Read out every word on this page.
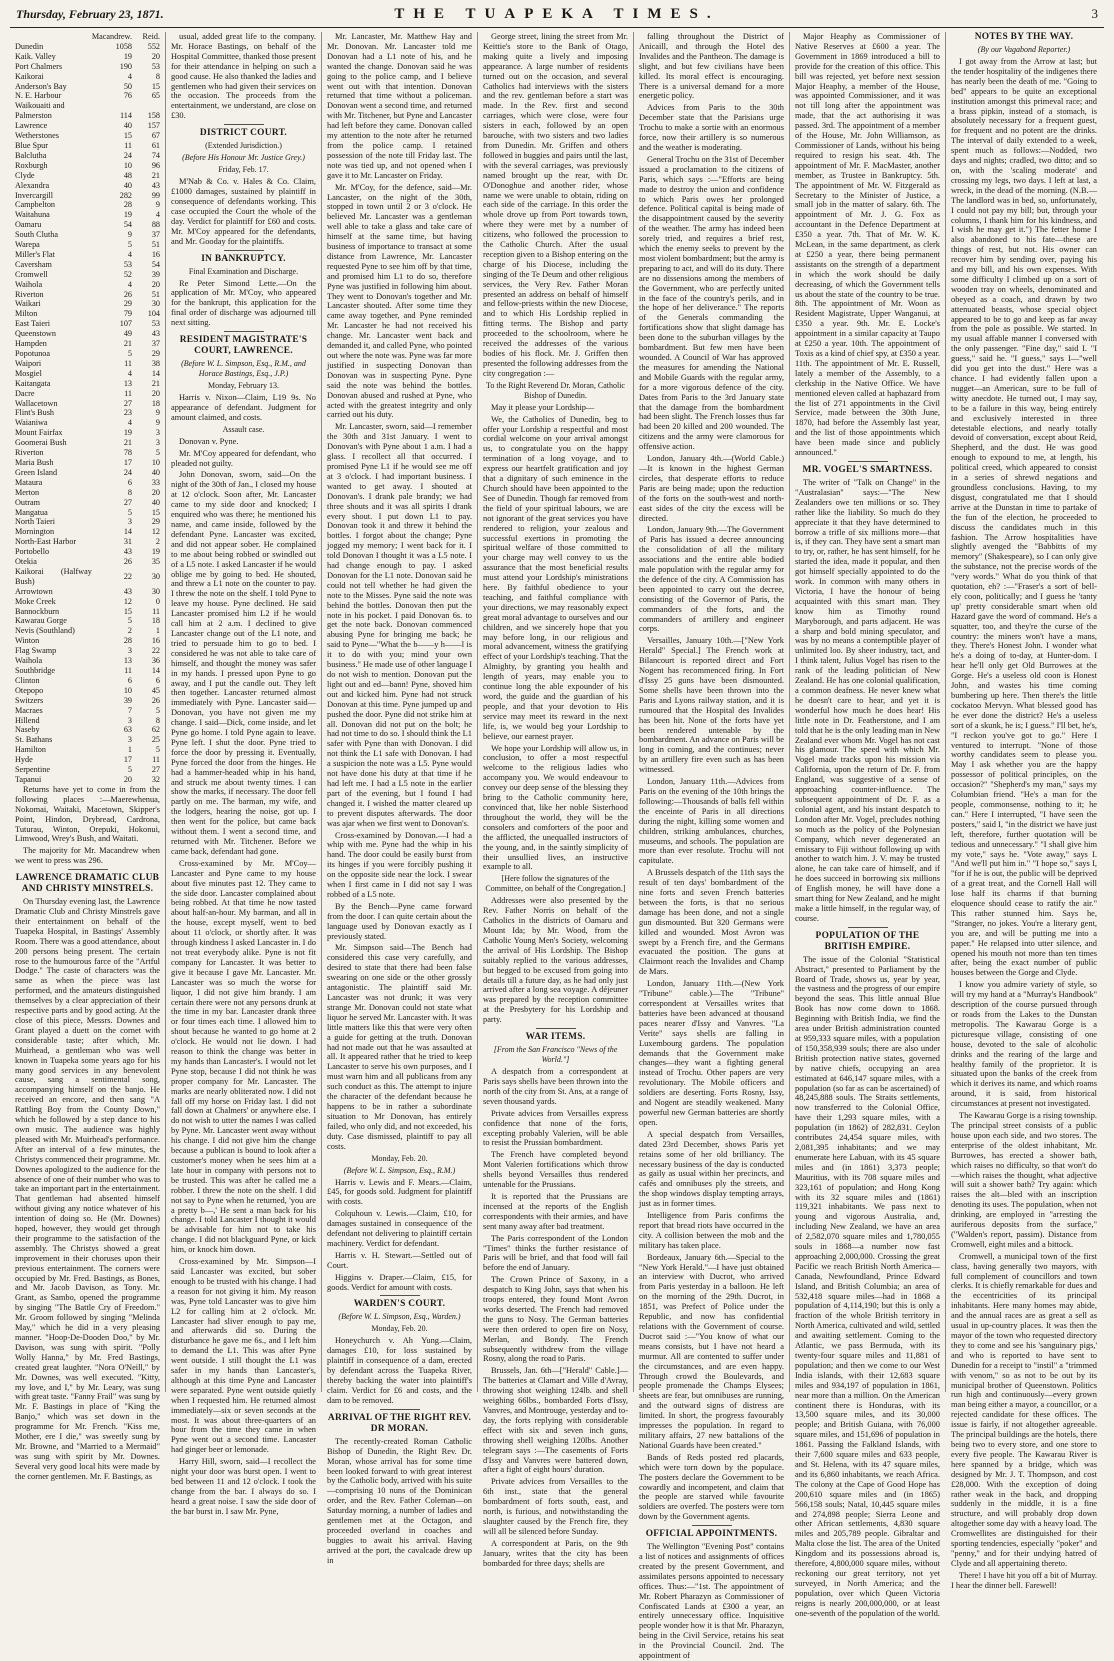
Thursday, February 23, 1871.	THE TUAPEKA TIMES.	3
	Macandrew.	Reid.
Dunedin	1058	552
Kaik. Valley	19	20
Port Chalmers	190	53
Kaikorai	4	8
Anderson's Bay	50	15
N. E. Harbour	76	65
Waikouaiti and		
Palmerston	114	158
Lawrence	40	157
Wetherstones	15	67
Blue Spur	11	61
Balclutha	24	74
Roxburgh	10	96
Clyde	48	21
Alexandra	40	43
Invercargill	282	99
Campbelton	28	9
Waitahuna	19	4
Oamaru	54	88
South Clutha	9	37
Warepa	5	51
Miller's Flat	4	16
Caversham	53	54
Cromwell	52	39
Waihola	4	20
Riverton	26	51
Waikari	29	30
Milton	79	104
East Taieri	107	53
Queenstown	49	43
Hampden	21	37
Popotunoa	5	29
Waipori	11	38
Mosgiel	4	14
Kaitangata	13	21
Dacre	11	20
Wallacetown	27	18
Flint's Bush	23	9
Waianiwa	4	9
Mount Fairfax	19	3
Goomerai Bush	21	3
Riverton	78	5
Maria Bush	17	10
Green Island	24	40
Mataura	6	33
Merton	8	20
Outram	27	40
Mangatua	5	15
North Taieri	3	29
Mornington	14	12
North-East Harbor	31	2
Portobello	43	19
Otekia	26	35
Kaikorai (Halfway Bush)	22	30
Arrowtown	43	30
Moke Creek	12	0
Bannockburn	15	11
Kawarau Gorge	5	18
Nevis (Southland)	2	1
Winton	28	16
Flag Swamp	3	22
Waihola	13	36
Southbridge	11	14
Clinton	6	6
Otepopo	10	45
Switzers	39	26
Macraes	7	5
Hillend	3	8
Naseby	63	62
St. Bathans	3	25
Hamilton	1	5
Hyde	17	11
Serpentine	5	27
Tapanui	20	32

Returns have yet to come in from the following places :—Maerewhenua, Nokomai, Waitaki, Macetown, Skipper's Point, Hindon, Drybread, Cardrona, Tuturau, Winton, Orepuki, Hokonui, Limwood, Wrey's Bush, and Waitati.

The majority for Mr. Macandrew when we went to press was 296.

LAWRENCE DRAMATIC CLUB AND CHRISTY MINSTRELS.

On Thursday evening last, the Lawrence Dramatic Club and Christy Minstrels gave their entertainment on behalf of the Tuapeka Hospital, in Bastings' Assembly Room. There was a good attendance, about 200 persons being present. The certain rose to the humourous farce of the "Artful Dodge." The caste of characters was the same as when the piece was last performed, and the amateurs distinguished themselves by a clear appreciation of their respective parts and by good acting. At the close of this piece, Messrs. Downes and Grant played a duett on the cornet with considerable taste; after which, Mr. Muirhead, a gentleman who was well known in Tuapeka some years ago for his many good services in any benevolent cause, sang a sentimental song, accompanying himself on the banjo. He received an encore, and then sang "A Rattling Boy from the County Down," which he followed by a step dance to his own music. The audience was highly pleased with Mr. Muirhead's performance. After an interval of a few minutes, the Christys commenced their programme. Mr. Downes apologized to the audience for the absence of one of their number who was to take an important part in the entertainment. That gentleman had absented himself without giving any notice whatever of his intention of doing so. He (Mr. Downes) hoped, however, they would get through their programme to the satisfaction of the assembly. The Christys showed a great improvement in their choruses upon their previous entertainment. The corners were occupied by Mr. Fred. Bastings, as Bones, and Mr. Jacob Davison, as Tony. Mr. Grant, as Sambo, opened the programme by singing "The Battle Cry of Freedom." Mr. Groom followed by singing "Melinda May," which he did in a very pleasing manner. "Hoop-De-Dooden Doo," by Mr. Davison, was sung with spirit. "Polly Wolly Hanna," by Mr. Fred Bastings, created great laughter. "Nora O'Neill," by Mr. Downes, was well executed. "Kitty, my love, and I," by Mr. Leary, was sung with great taste. "Fanny Frail" was sung by Mr. F. Bastings in place of "King the Banjo," which was set down in the programme for Mr. French. "Kiss me, Mother, ere I die," was sweetly sung by Mr. Browne, and "Married to a Mermaid" was sung with spirit by Mr. Downes. Several very good local hits were made by the corner gentlemen. Mr. F. Bastings, as

usual, added great life to the company. Mr. Horace Bastings, on behalf of the Hospital Committee, thanked those present for their attendance in helping on such a good cause. He also thanked the ladies and gentlemen who had given their services on the occasion. The proceeds from the entertainment, we understand, are close on £30.

DISTRICT COURT.

(Extended Jurisdiction.)

(Before His Honour Mr. Justice Grey.)

Friday, Feb. 17.

M'Nab & Co. v. Hales & Co. Claim, £1000 damages, sustained by plaintiff in consequence of defendants working. This case occupied the Court the whole of the day. Verdict for plaintiff for £60 and costs. Mr. M'Coy appeared for the defendants, and Mr. Gooday for the plaintiffs.

IN BANKRUPTCY.

Final Examination and Discharge.

Re Peter Simond Lette.—On the application of Mr. M'Coy, who appeared for the bankrupt, this application for the final order of discharge was adjourned till next sitting.

RESIDENT MAGISTRATE'S COURT, LAWRENCE.

(Before W. L. Simpson, Esq., R.M., and Horace Bastings, Esq., J.P.)

Monday, February 13.

Harris v. Nixon—Claim, L19 9s. No appearance of defendant. Judgment for amount claimed, and costs.

Assault case.

Donovan v. Pyne.

Mr. M'Coy appeared for defendant, who pleaded not guilty.

John Donovan, sworn, said—On the night of the 30th of Jan., I closed my house at 12 o'clock. Soon after, Mr. Lancaster came to my side door and knocked; I enquired who was there; he mentioned his name, and came inside, followed by the defendant Pyne. Lancaster was excited, and did not appear sober. He complained to me about being robbed or swindled out of a L5 note. I asked Lancaster if he would oblige me by going to bed. He shouted, and threw a L1 note on the counter to pay. I threw the note on the shelf. I told Pyne to leave my house. Pyne declined. He said Lancaster promised him L2 if he would call him at 2 a.m. I declined to give Lancaster change out of the L1 note, and tried to persuade him to go to bed. I considered he was not able to take care of himself, and thought the money was safer in my hands. I pressed upon Pyne to go away, and I put the candle out. They left then together. Lancaster returned almost immediately with Pyne. Lancaster said—Donovan, you have not given me my change. I said—Dick, come inside, and let Pyne go home. I told Pyne again to leave. Pyne left. I shut the door. Pyne tried to force the door by pressing it. Eventually, Pyne forced the door from the hinges. He had a hammer-headed whip in his hand, and struck me about twenty times. I can show the marks, if necessary. The door fell partly on me. The barman, my wife, and the lodgers, hearing the noise, got up. I then went for the police, but came back without them. I went a second time, and returned with Mr. Titchener. Before we came back, defendant had gone.

Cross-examined by Mr. M'Coy—Lancaster and Pyne came to my house about five minutes past 12. They came to the side door. Lancaster complained about being robbed. At that time he now tasted about half-an-hour. My barman, and all in the house, except myself, went to bed about 11 o'clock, or shortly after. It was through kindness I asked Lancaster in. I do not treat everybody alike. Pyne is not fit company for Lancaster. It was better to give it because I gave Mr. Lancaster. Mr. Lancaster was so much the worse for liquor, I did not give him brandy. I am certain there were not any persons drunk at the time in my bar. Lancaster drank three or four times each time. I allowed him to shout because he wanted to go home at 2 o'clock. He would not lie down. I had reason to think the change was better in my hands than Lancaster's. I would not let Pyne stop, because I did not think he was proper company for Mr. Lancaster. The marks are nearly obliterated now. I did not fall off my horse on Friday last. I did not fall down at Chalmers' or anywhere else. I do not wish to utter the names I was called by Pyne. Mr. Lancaster went away without his change. I did not give him the change because a publican is bound to look after a customer's money when he sees him at a late hour in company with persons not to be trusted. This was after he called me a robber. I threw the note on the shelf. I did not say to Pyne when he returned, 'you are a pretty b—,' He sent a man back for his change. I told Lancaster I thought it would be advisable for him not to take his change. I did not blackguard Pyne, or kick him, or knock him down.

Cross-examined by Mr. Simpson—I said Lancaster was excited, but sober enough to be trusted with his change. I had a reason for not giving it him. My reason was, Pyne told Lancaster was to give him L2 for calling him at 2 o'clock. Mr. Lancaster had sliver enough to pay me, and afterwards did so. During the disturbance he gave me 6s., and I left him to demand the L1. This was after Pyne went outside. I still thought the L1 was safer in my hands than Lancaster's, although at this time Pyne and Lancaster were separated. Pyne went outside quietly when I requested him. He returned almost immediately—six or seven seconds at the most. It was about three-quarters of an hour from the time they came in when Pyne went out a second time. Lancaster had ginger beer or lemonade.

Harry Hill, sworn, said—I recollect the night your door was burst open. I went to bed between 11 and 12 o'clock. I took the change from the bar. I always do so. I heard a great noise. I saw the side door of the bar burst in. I saw Mr. Pyne,

Mr. Lancaster, Mr. Matthew Hay and Mr. Donovan. Mr. Lancaster told me Donovan had a L1 note of his, and he wanted the change. Donovan said he was going to the police camp, and I believe went out with that intention. Donovan returned that time without a policeman. Donovan went a second time, and returned with Mr. Titchener, but Pyne and Lancaster had left before they came. Donovan called my attention to the note after he returned from the police camp. I retained possession of the note till Friday last. The note was tied up, and not opened when I gave it to Mr. Lancaster on Friday.

Mr. M'Coy, for the defence, said—Mr. Lancaster, on the night of the 30th, stopped in town until 2 or 3 o'clock. He believed Mr. Lancaster was a gentleman well able to take a glass and take care of himself at the same time, but having business of importance to transact at some distance from Lawrence, Mr. Lancaster requested Pyne to see him off by that time, and promised him L1 to do so, therefore Pyne was justified in following him about. They went to Donovan's together and Mr. Lancaster shouted. After some time they came away together, and Pyne reminded Mr. Lancaster he had not received his change. Mr. Lancaster went back and demanded it, and called Pyne, who pointed out where the note was. Pyne was far more justified in suspecting Donovan than Donovan was in suspecting Pyne. Pyne said the note was behind the bottles. Donovan abused and rushed at Pyne, who acted with the greatest integrity and only carried out his duty.

Mr. Lancaster, sworn, said—I remember the 30th and 31st January. I went to Donovan's with Pyne about 1 a.m. I had a glass. I recollect all that occurred. I promised Pyne L1 if he would see me off at 3 o'clock. I had important business. I wanted to get away. I shouted at Donovan's. I drank pale brandy; we had three shouts and it was all spirits I drank every shout. I put down L1 to pay. Donovan took it and threw it behind the bottles. I forgot about the change; Pyne jogged my memory; I went back for it. I told Donovan I thought it was a L5 note. I had change enough to pay. I asked Donovan for the L1 note. Donovan said he could not tell whether he had given the note to the Misses. Pyne said the note was behind the bottles. Donovan then put the note in his pocket. I paid Donovan 6s. to get the note back. Donovan commenced abusing Pyne for bringing me back; he said to Pyne—"What the b——y h——l is it to do with you; mind your own business." He made use of other language I do not wish to mention. Donovan put the light out and ed—bann! Pyne, shoved him out and kicked him. Pyne had not struck Donovan at this time. Pyne jumped up and pushed the door. Pyne did not strike him at all. Donovan did not put on the bolt; he had not time to do so. I should think the L1 safer with Pyne than with Donovan. I did not think the L1 safe with Donovan. I had a suspicion the note was a L5. Pyne would not have done his duty at that time if he had left me. I had a L5 note in the earlier part of the evening, but I found I had changed it. I wished the matter cleared up to prevent disputes afterwards. The door was ajar when we first went to Donovan's.

Cross-examined by Donovan.—I had a whip with me. Pyne had the whip in his hand. The door could be easily burst from its hinges if you were forcibly pushing it on the opposite side near the lock. I swear when I first came in I did not say I was robbed of a L5 note.

By the Bench—Pyne came forward from the door. I can quite certain about the language used by Donovan exactly as I previously stated.

Mr. Simpson said—The Bench had considered this case very carefully, and desired to state that there had been false swearing on one side or the other grossly antagonistic. The plaintiff said Mr. Lancaster was not drunk; it was very strange Mr. Donovan could not state what liquor he served Mr. Lancaster with. It was little matters like this that were very often a guide for getting at the truth. Donovan had not made out that he was assaulted at all. It appeared rather that he tried to keep Lancaster to serve his own purposes, and I must warn him and all publicans from any such conduct as this. The attempt to injure the character of the defendant because he happens to be in rather a subordinate situation to Mr Donovan, has entirely failed, who only did, and not exceeded, his duty. Case dismissed, plaintiff to pay all costs.

Monday, Feb. 20.

(Before W. L. Simpson, Esq., R.M.)

Harris v. Lewis and F. Mears.—Claim, £45, for goods sold. Judgment for plaintiff with costs.

Colquhoun v. Lewis.—Claim, £10, for damages sustained in consequence of the defendant not delivering to plaintiff certain machinery. Verdict for defendant.

Harris v. H. Stewart.—Settled out of Court.

Higgins v. Draper.—Claim, £15, for goods. Verdict for amount with costs.

WARDEN'S COURT.

(Before W. L. Simpson, Esq., Warden.)

Monday, Feb. 20.

Honeychurch v. Ah Yung.—Claim, damages £10, for loss sustained by plaintiff in consequence of a dam, erected by defendant across the Tuapeka River, thereby backing the water into plaintiff's claim. Verdict for £6 and costs, and the dam to be removed.

ARRIVAL OF THE RIGHT REV. DR MORAN.

The recently-created Roman Catholic Bishop of Dunedin, the Right Rev. Dr. Moran, whose arrival has for some time been looked forward to with great interest by the Catholic body, arrived with his suite—comprising 10 nuns of the Dominican order, and the Rev. Father Coleman—on Saturday morning, a number of ladies and gentlemen met at the Octagon, and proceeded overland in coaches and buggies to await his arrival. Having arrived at the port, the cavalcade drew up in

George street, lining the street from Mr. Keittie's store to the Bank of Otago, making quite a lively and imposing appearance. A large number of residents turned out on the occasion, and several Catholics had interviews with the sisters and the rev. gentleman before a start was made. In the Rev. first and second carriages, which were close, were four sisters in each, followed by an open barouche, with two sisters and two ladies from Dunedin. Mr. Griffen and others followed in buggies and pairs until the last, with the several carriages, was previously named brought up the rear, with Dr. O'Donoghue and another rider, whose name we were unable to obtain, riding on each side of the carriage. In this order the whole drove up from Port towards town, where they were met by a number of citizens, who followed the procession to the Catholic Church. After the usual reception given to a Bishop entering on the charge of his Diocese, including the singing of the Te Deum and other religious services, the Very Rev. Father Moran presented an address on behalf of himself and fellow-priests within the new Diocese, and to which His Lordship replied in fitting terms. The Bishop and party proceeded to the schoolroom, where he received the addresses of the various bodies of his flock. Mr. J. Griffen then presented the following addresses from the city congregation :—

To the Right Reverend Dr. Moran, Catholic Bishop of Dunedin.

May it please your Lordship—

We, the Catholics of Dunedin, beg to offer your Lordship a respectful and most cordial welcome on your arrival amongst us, to congratulate you on the happy termination of a long voyage, and to express our heartfelt gratification and joy that a dignitary of such eminence in the Church should have been appointed to the See of Dunedin. Though far removed from the field of your spiritual labours, we are not ignorant of the great services you have rendered to religion, your zealous and successful exertions in promoting the spiritual welfare of those committed to your charge may well convey to us the assurance that the most beneficial results must attend your Lordship's ministrations here. By faithful obedience to your teaching, and faithful compliance with your directions, we may reasonably expect great moral advantage to ourselves and our children, and we sincerely hope that you may before long, in our religious and moral advancement, witness the gratifying effect of your Lordship's teaching. That the Almighty, by granting you health and length of years, may enable you to continue long the able expounder of his word, the guide and the guardian of his people, and that your devotion to His service may meet its reward in the next life, is, we would beg your Lordship to believe, our earnest prayer.

We hope your Lordship will allow us, in conclusion, to offer a most respectful welcome to the religious ladies who accompany you. We would endeavour to convey our deep sense of the blessing they bring to the Catholic community here, convinced that, like her noble Sisterhood throughout the world, they will be the consolers and comforters of the poor and the afflicted, the unequalled instructors of the young, and, in the saintly simplicity of their unsullied lives, an instructive example to all.

[Here follow the signatures of the Committee, on behalf of the Congregation.]

Addresses were also presented by the Rev. Father Norris on behalf of the Catholics in the districts of Oamaru and Mount Ida; by Mr. Wood, from the Catholic Young Men's Society, welcoming the arrival of His Lordship. The Bishop suitably replied to the various addresses, but begged to be excused from going into details till a future day, as he had only just arrived after a long sea voyage. A déjeuner was prepared by the reception committee at the Presbytery for his Lordship and party.

WAR ITEMS.

[From the San Francisco "News of the World."]

A despatch from a correspondent at Paris says shells have been thrown into the north of the city from St. Ans, at a range of seven thousand yards.

Private advices from Versailles express confidence that none of the forts, excepting probably Valerien, will be able to resist the Prussian bombardment.

The French have completed beyond Mont Valerien fortifications which throw shells beyond Versailles thus rendered untenable for the Prussians.

It is reported that the Prussians are incensed at the reports of the English correspondents with their armies, and have sent many away after bad treatment.

The Paris correspondent of the London "Times" thinks the further resistance of Paris will be brief, and that food will fail before the end of January.

The Crown Prince of Saxony, in a despatch to King John, says that when his troops entered, they found Mont Avron works deserted. The French had removed the guns to Nosy. The German batteries were then ordered to open fire on Nosy, Merlan, and Bondy. The French subsequently withdrew from the village Rosny, along the road to Paris.

Brussels, Jan. 6th—["Herald" Cable.]—The batteries at Clamart and Ville d'Avray, throwing shot weighing 124lb. and shell weighing 66lbs., bombarded Forts d'Issy, Vanvres, and Montrouge, yesterday and to-day, the forts replying with considerable effect with six and seven inch guns, throwing shell weighing 120lbs. Another telegram says :—The casements of Forts d'Issy and Vanvres were battered down, after a fight of eight hours' duration.

Private advices from Versailles to the 6th inst., state that the general bombardment of forts south, east, and north, is furious, and notwithstanding the slaughter caused by the French fire, they will all be silenced before Sunday.

A correspondent at Paris, on the 9th January, writes that the city has been bombarded for three days; shells are

falling throughout the District of Anicaill, and through the Hotel des Invalides and the Pantheon. The damage is slight, and but few civilians have been killed. Its moral effect is encouraging. There is a universal demand for a more energetic policy.

Advices from Paris to the 30th December state that the Parisians urge Trochu to make a sortie with an enormous force, now their artillery is so numerous and the weather is moderating.

General Trochu on the 31st of December issued a proclamation to the citizens of Paris, which says :—"Efforts are being made to destroy the union and confidence to which Paris owes her prolonged defence. Political capital is being made of the disappointment caused by the severity of the weather. The army has indeed been sorely tried, and requires a brief rest, which the enemy seeks to prevent by the most violent bombardment; but the army is preparing to act, and will do its duty. There are no dissensions among the members of the Government, who are perfectly united in the face of the country's perils, and in the hope of her deliverance." The reports of the Generals commanding the fortifications show that slight damage has been done to the suburban villages by the bombardment. But few men have been wounded. A Council of War has approved the measures for amending the National and Mobile Guards with the regular army, for a more vigorous defence of the city. Dates from Paris to the 3rd January state that the damage from the bombardment had been slight. The French losses thus far had been 20 killed and 200 wounded. The citizens and the army were clamorous for offensive action.

London, January 4th.—(World Cable.)—It is known in the highest German circles, that desperate efforts to reduce Paris are being made; upon the reduction of the forts on the south-west and north-east sides of the city the excess will be directed.

London, January 9th.—The Government of Paris has issued a decree announcing the consolidation of all the military associations and the entire able bodied male population with the regular army for the defence of the city. A Commission has been appointed to carry out the decree, consisting of the Governor of Paris, the commanders of the forts, and the commanders of artillery and engineer corps.

Versailles, January 10th.—["New York Herald" Special.] The French work at Bilancourt is reported direct and Fort Nogent has recommenced firing. In Fort d'Issy 25 guns have been dismounted. Some shells have been thrown into the Paris and Lyons railway station, and it is rumoured that the Hospital des Invalides has been hit. None of the forts have yet been rendered untenable by the bombardment. An advance on Paris will be long in coming, and the continues; never by an artillery fire even such as has been witnessed.

London, January 11th.—Advices from Paris on the evening of the 10th brings the following:—Thousands of balls fell within the enceinte of Paris in all directions during the night, killing some women and children, striking ambulances, churches, museums, and schools. The population are more than ever resolute. Trochu will not capitulate.

A Brussels despatch of the 11th says the result of ten days' bombardment of the nine forts and seven French batteries between the forts, is that no serious damage has been done, and not a single gun dismounted. But 320 Germans were killed and wounded. Most Avron was swept by a French fire, and the Germans evacuated the position. The guns at Clairmont reach the Invalides and Champ de Mars.

London, January 11th.—(New York "Tribune" cable.)—The "Tribune" correspondent at Versailles writes that batteries have been advanced at thousand paces nearer d'Issy and Vanvres. "La Verite" says shells are falling in Luxembourg gardens. The population demands that the Government make changes—they want a fighting general instead of Trochu. Other papers are very revolutionary. The Mobile officers and soldiers are deserting. Forts Rosny, Issy, and Nogent are steadily weakened. Many powerful new German batteries are shortly open.

A special despatch from Versailles, dated 23rd December, shows Paris yet retains some of her old brilliancy. The necessary business of the day is conducted as gaily as usual within her precincts, and cafés and omnibuses ply the streets, and the shop windows display tempting arrays, just as in former times.

Intelligence from Paris confirms the report that bread riots have occurred in the city. A collision between the mob and the military has taken place.

Bordeaux, January 6th.—Special to the "New York Herald."—I have just obtained an interview with Ducrot, who arrived from Paris yesterday in a balloon. He left on the morning of the 29th. Ducrot, in 1851, was Prefect of Police under the Republic, and now has confidential relations with the Government of course. Ducrot said :—"You know of what our means consists, but I have not heard a murmur. All are contented to suffer under the circumstances, and are even happy. Through crowd the Boulevards, and people promenade the Champs Elysees; sheets are fear, but omnibuses are running, and the outward signs of distress are limited. In short, the progress favourably impresses the population. In regard to military affairs, 27 new battalions of the National Guards have been created."

Bands of Reds posted red placards, which were torn down by the populace. The posters declare the Government to be cowardly and incompetent, and claim that the people are starved while favourite soldiers are overfed. The posters were torn down by the Government agents.

OFFICIAL APPOINTMENTS.

The Wellington "Evening Post" contains a list of notices and assignments of offices created by the present Government, and assimilates persons appointed to necessary offices. Thus:—"1st. The appointment of Mr. Robert Pharazyn as Commissioner of Confiscated Lands at £300 a year, an entirely unnecessary office. Inquisitive people wonder how it is that Mr. Pharazyn, being in the Civil Service, retains his seat in the Provincial Council. 2nd. The appointment of

Major Heaphy as Commissioner of Native Reserves at £600 a year. The Government in 1869 introduced a bill to provide for the creation of this office. This bill was rejected, yet before next session Major Heaphy, a member of the House, was appointed Commissioner, and it was not till long after the appointment was made, that the act authorising it was passed. 3rd. The appointment of a member of the House, Mr. John Williamson, as Commissioner of Lands, without his being required to resign his seat. 4th. The appointment of Mr. F. MacMaster, another member, as Trustee in Bankruptcy. 5th. The appointment of Mr. W. Fitzgerald as Secretary to the Minister of Justice, a small job in the matter of salary. 6th. The appointment of Mr. J. G. Fox as accountant in the Defence Department at £350 a year. 7th. That of Mr. W. K. McLean, in the same department, as clerk at £250 a year, there being permanent assistants on the strength of a department in which the work should be daily decreasing, of which the Government tells us about the state of the country to be true. 8th. The appointment of Mr. Woon as Resident Magistrate, Upper Wanganui, at £350 a year. 9th. Mr. E. Locke's appointment in a similar capacity at Taupo at £250 a year. 10th. The appointment of Toxis as a kind of chief spy, at £350 a year. 11th. The appointment of Mr. E. Russell, lately a member of the Assembly, to a clerkship in the Native Office. We have mentioned eleven called at haphazard from the list of 271 appointments in the Civil Service, made between the 30th June, 1870, had before the Assembly last year, and the list of those appointments which have been made since and publicly announced."

MR. VOGEL'S SMARTNESS.

The writer of "Talk on Change" in the "Australasian" says:—"The New Zealanders owe ten millions or so. They rather like the liability. So much do they appreciate it that they have determined to borrow a trifle of six millions more—that is, if they can. They have sent a smart man to try, or, rather, he has sent himself, for he started the idea, made it popular, and then got himself specially appointed to do the work. In common with many others in Victoria, I have the honour of being acquainted with this smart man. They know him as Timothy round Maryborough, and parts adjacent. He was a sharp and bold mining speculator, and was by no means a contemptible player of unlimited loo. By sheer industry, tact, and I think talent, Julius Vogel has risen to the rank of the leading politician of New Zealand. He has one colonial qualification, a common deafness. He never knew what he doesn't care to hear, and yet it is wonderful how much he does hear! His little note in Dr. Featherstone, and I am told that he is the only leading man in New Zealand ever whom Mr. Vogel has not cast his glamour. The speed with which Mr. Vogel made tracks upon his mission via California, upon the return of Dr. F. from England, was suggestive of a sense of approaching counter-influence. The subsequent appointment of Dr. F. as a colonial agent, and his instant despatch to London after Mr. Vogel, precludes nothing so much as the policy of the Polynesian Company, which never degenerated an emissary to Fiji without following up with another to watch him. J. V. may be trusted alone, he can take care of himself, and if he does succeed in borrowing six millions of English money, he will have done a smart thing for New Zealand, and he might make a little himself, in the regular way, of course.

POPULATION OF THE BRITISH EMPIRE.

The issue of the Colonial "Statistical Abstract," presented to Parliament by the Board of Trade, shows us, year by year, the vastness and the progress of our empire beyond the seas. This little annual Blue Book has now come down to 1868. Beginning with British India, we find the area under British administration counted at 959,333 square miles, with a population of 150,358,939 souls; there are also under British protection native states, governed by native chiefs, occupying an area estimated at 646,147 square miles, with a population (so far as can be ascertained) of 48,245,888 souls. The Straits settlements, now transferred to the Colonial Office, have their 1,293 square miles, with a population (in 1862) of 282,831. Ceylon contributes 24,454 square miles, with 2,081,395 inhabitants; and we may enumerate here Labuan, with its 45 square miles and (in 1861) 3,373 people; Mauritius, with its 708 square miles and 323,161 of population; and Hong Kong with its 32 square miles and (1861) 119,321 inhabitants. We pass next to young and vigorous Australia, and, including New Zealand, we have an area of 2,582,070 square miles and 1,780,055 souls in 1868—a number now fast approaching 2,000,000. Crossing the great Pacific we reach British North America—Canada, Newfoundland, Prince Edward Island, and British Columbia; an area of 532,418 square miles—had in 1868 a population of 4,114,190; but this is only a fraction of the whole British territory in North America, cultivated and wild, settled and awaiting settlement. Coming to the Atlantic, we pass Bermuda, with its twenty-four square miles and 11,881 of population; and then we come to our West India islands, with their 12,683 square miles and 934,197 of population in 1861, near more than a million. On the American continent there is Honduras, with its 13,500 square miles, and its 30,000 people; and British Guiana, with 76,000 square miles, and 151,696 of population in 1861. Passing the Falkland Islands, with their 7,600 square miles and 633 people, and St. Helena, with its 47 square miles, and its 6,860 inhabitants, we reach Africa. The colony at the Cape of Good Hope has 200,610 square miles and (in 1865) 566,158 souls; Natal, 10,445 square miles and 274,898 people; Sierra Leone and other African settlements, 4,830 square miles and 205,789 people. Gibraltar and Malta close the list. The area of the United Kingdom and its possessions abroad is, therefore, 4,800,000 square miles, without reckoning our great territory, not yet surveyed, in North America; and the population, over which Queen Victoria reigns is nearly 200,000,000, or at least one-seventh of the population of the world.

NOTES BY THE WAY.

(By our Vagabond Reporter.)

I got away from the Arrow at last; but the tender hospitality of the indigenes there has nearly been the death of me. "Going to bed" appears to be quite an exceptional institution amongst this primeval race; and a brass pipkin, instead of a stomach, is absolutely necessary for a frequent guest, for frequent and no potent are the drinks. The interval of daily extended to a week, spent much as follows:—Nodded, two days and nights; cradled, two ditto; and so on, with the 'scaling moderate' and crossing my legs, two days. I left at last, a wreck, in the dead of the morning. (N.B.—The landlord was in bed, so, unfortunately, I could not pay my bill; but, through your columns, I thank him for his kindness, and I wish he may get it.") The fetter home I also abandoned to his fate—these are things of rest, but not. His owner can recover him by sending over, paying his and my bill, and his own expenses. With some difficulty I climbed up on a sort of wooden tray on wheels, denominated and obeyed as a coach, and drawn by two attenuated beasts, whose special object appeared to be to go and keep as far away from the pole as possible. We started. In my usual affable manner I conversed with the only passenger. "Fine day," said I. "I guess," said he. "I guess," says I—"well did you get into the dust." Here was a chance. I had evidently fallen upon a nugget—an American, sure to be full of witty anecdote. He turned out, I may say, to be a failure in this way, being entirely and exclusively interested in three detestable elections, and nearly totally devoid of conversation, except about Reid, Shepherd, and the dust. He was good enough to expound to me, at length, his political creed, which appeared to consist in a series of shrewd negations and groundless conclusions. Having, to my disgust, congratulated me that I should arrive at the Dunstan in time to partake of the fun of the election, he proceeded to discuss the candidates much in this fashion. The Arrow hospitalities have slightly avenged the "Babbitts of my memory" (Shakespeare), so I can only give the substance, not the precise words of the "very words." What do you think of that quotation, eh? :—"Fraser's a sort of bell-ely coon, politically; and I guess he 'tanty up' pretty considerable smart when old Hazard gave the word of command. He's a squatter, too, and they're the curse of the country: the miners won't have a mans, they. There's Honest John. I wonder what he's a doing of to-day, at Hunter-dom. I hear he'll only get Old Burrowes at the Gorge. He's a useless old coon is Honest John, and wastes his time coming bumbering up here. Then there's the little cockatoo Mervyn. What blessed good has he ever done the district? He's a useless sort of a skunk, he is; I guess." I'll bet, he's, "I reckon you've got to go." Here I ventured to interrupt. "None of those worthy candidates seem to please you. May I ask whether you are the happy possessor of political principles, on the occasion?" "Shepherd's my man," says my Columbian friend. "He's a man for the people, commonsense, nothing to it; he can." Here I interrupted, "I have seen the posters," said I, "in the district we have just left, therefore, further quotation will be tedious and unnecessary." "I shall give him my vote," says he. "Vote away," says I. "And we'll put him in." "I hope so," says I, "for if he is out, the public will be deprived of a great treat, and the Cornell Hall will lose half its charms if that burning eloquence should cease to ratify the air." This rather stunned him. Says he, "Stranger, no jokes. You're a literary gent, you are, and will be putting me into a paper." He relapsed into utter silence, and opened his mouth not more than ten times after, being the exact number of public houses between the Gorge and Clyde.

I know you admire variety of style, so will try my hand at a "Murray's Handbook" description of the course pursued through or roads from the Lakes to the Dunstan metropolis. The Kawarau Gorge is a picturesque village, consisting of one house, devoted to the sale of alcoholic drinks and the rearing of the large and healthy family of the proprietor. It is situated upon the banks of the creek from which it derives its name, and which roams around, it is said, from historical circumstances at present not investigated.

The Kawarau Gorge is a rising township. The principal street consists of a public house upon each side, and two stores. The enterprise of the oldest inhabitant, Mr. Burrowes, has erected a shower bath, which raises no difficulty, so that won't do—which raises the thought, what adjective will suit a shower bath? Try again: which raises the alt—bled with an inscription denoting its uses. The population, when not drinking, are employed in "arresting the auriferous deposits from the surface," ("Walden's report, passim). Distance from Cromwell, eight miles and a bittock.

Cromwell, a municipal town of the first class, having generally two mayors, with full complement of councillors and town clerks. It is chiefly remarkable for dues and the eccentricities of its principal inhabitants. Here many homes may abide, and the annual races are as great a sell as usual in up-country places. It was then the mayor of the town who requested directory they to come and see his 'sanguinary pigs,' and who is reported to have sent to Dunedin for a receipt to "instil" a "trimmed with venom," so as not to be out by its municipal brother of Queenstown. Politics run high and continuously—every grown man being either a mayor, a councillor, or a rejected candidate for these offices. The issue is fairly, if not altogether agreeable. The principal buildings are the hotels, there being two to every store, and one store to every five people. The Kawarau River is here spanned by a bridge, which was designed by Mr. J. T. Thompson, and cost £28,000. With the exception of doing rather weak in the back, and dropping suddenly in the middle, it is a fine structure, and will probably drop down altogether some day with a heavy load. The Cromwellites are distinguished for their sporting tendencies, especially "poker" and "penny," and for their undying hatred of Clyde and all appertaining thereto.

There! I have hit you off a bit of Murray. I hear the dinner bell. Farewell!
